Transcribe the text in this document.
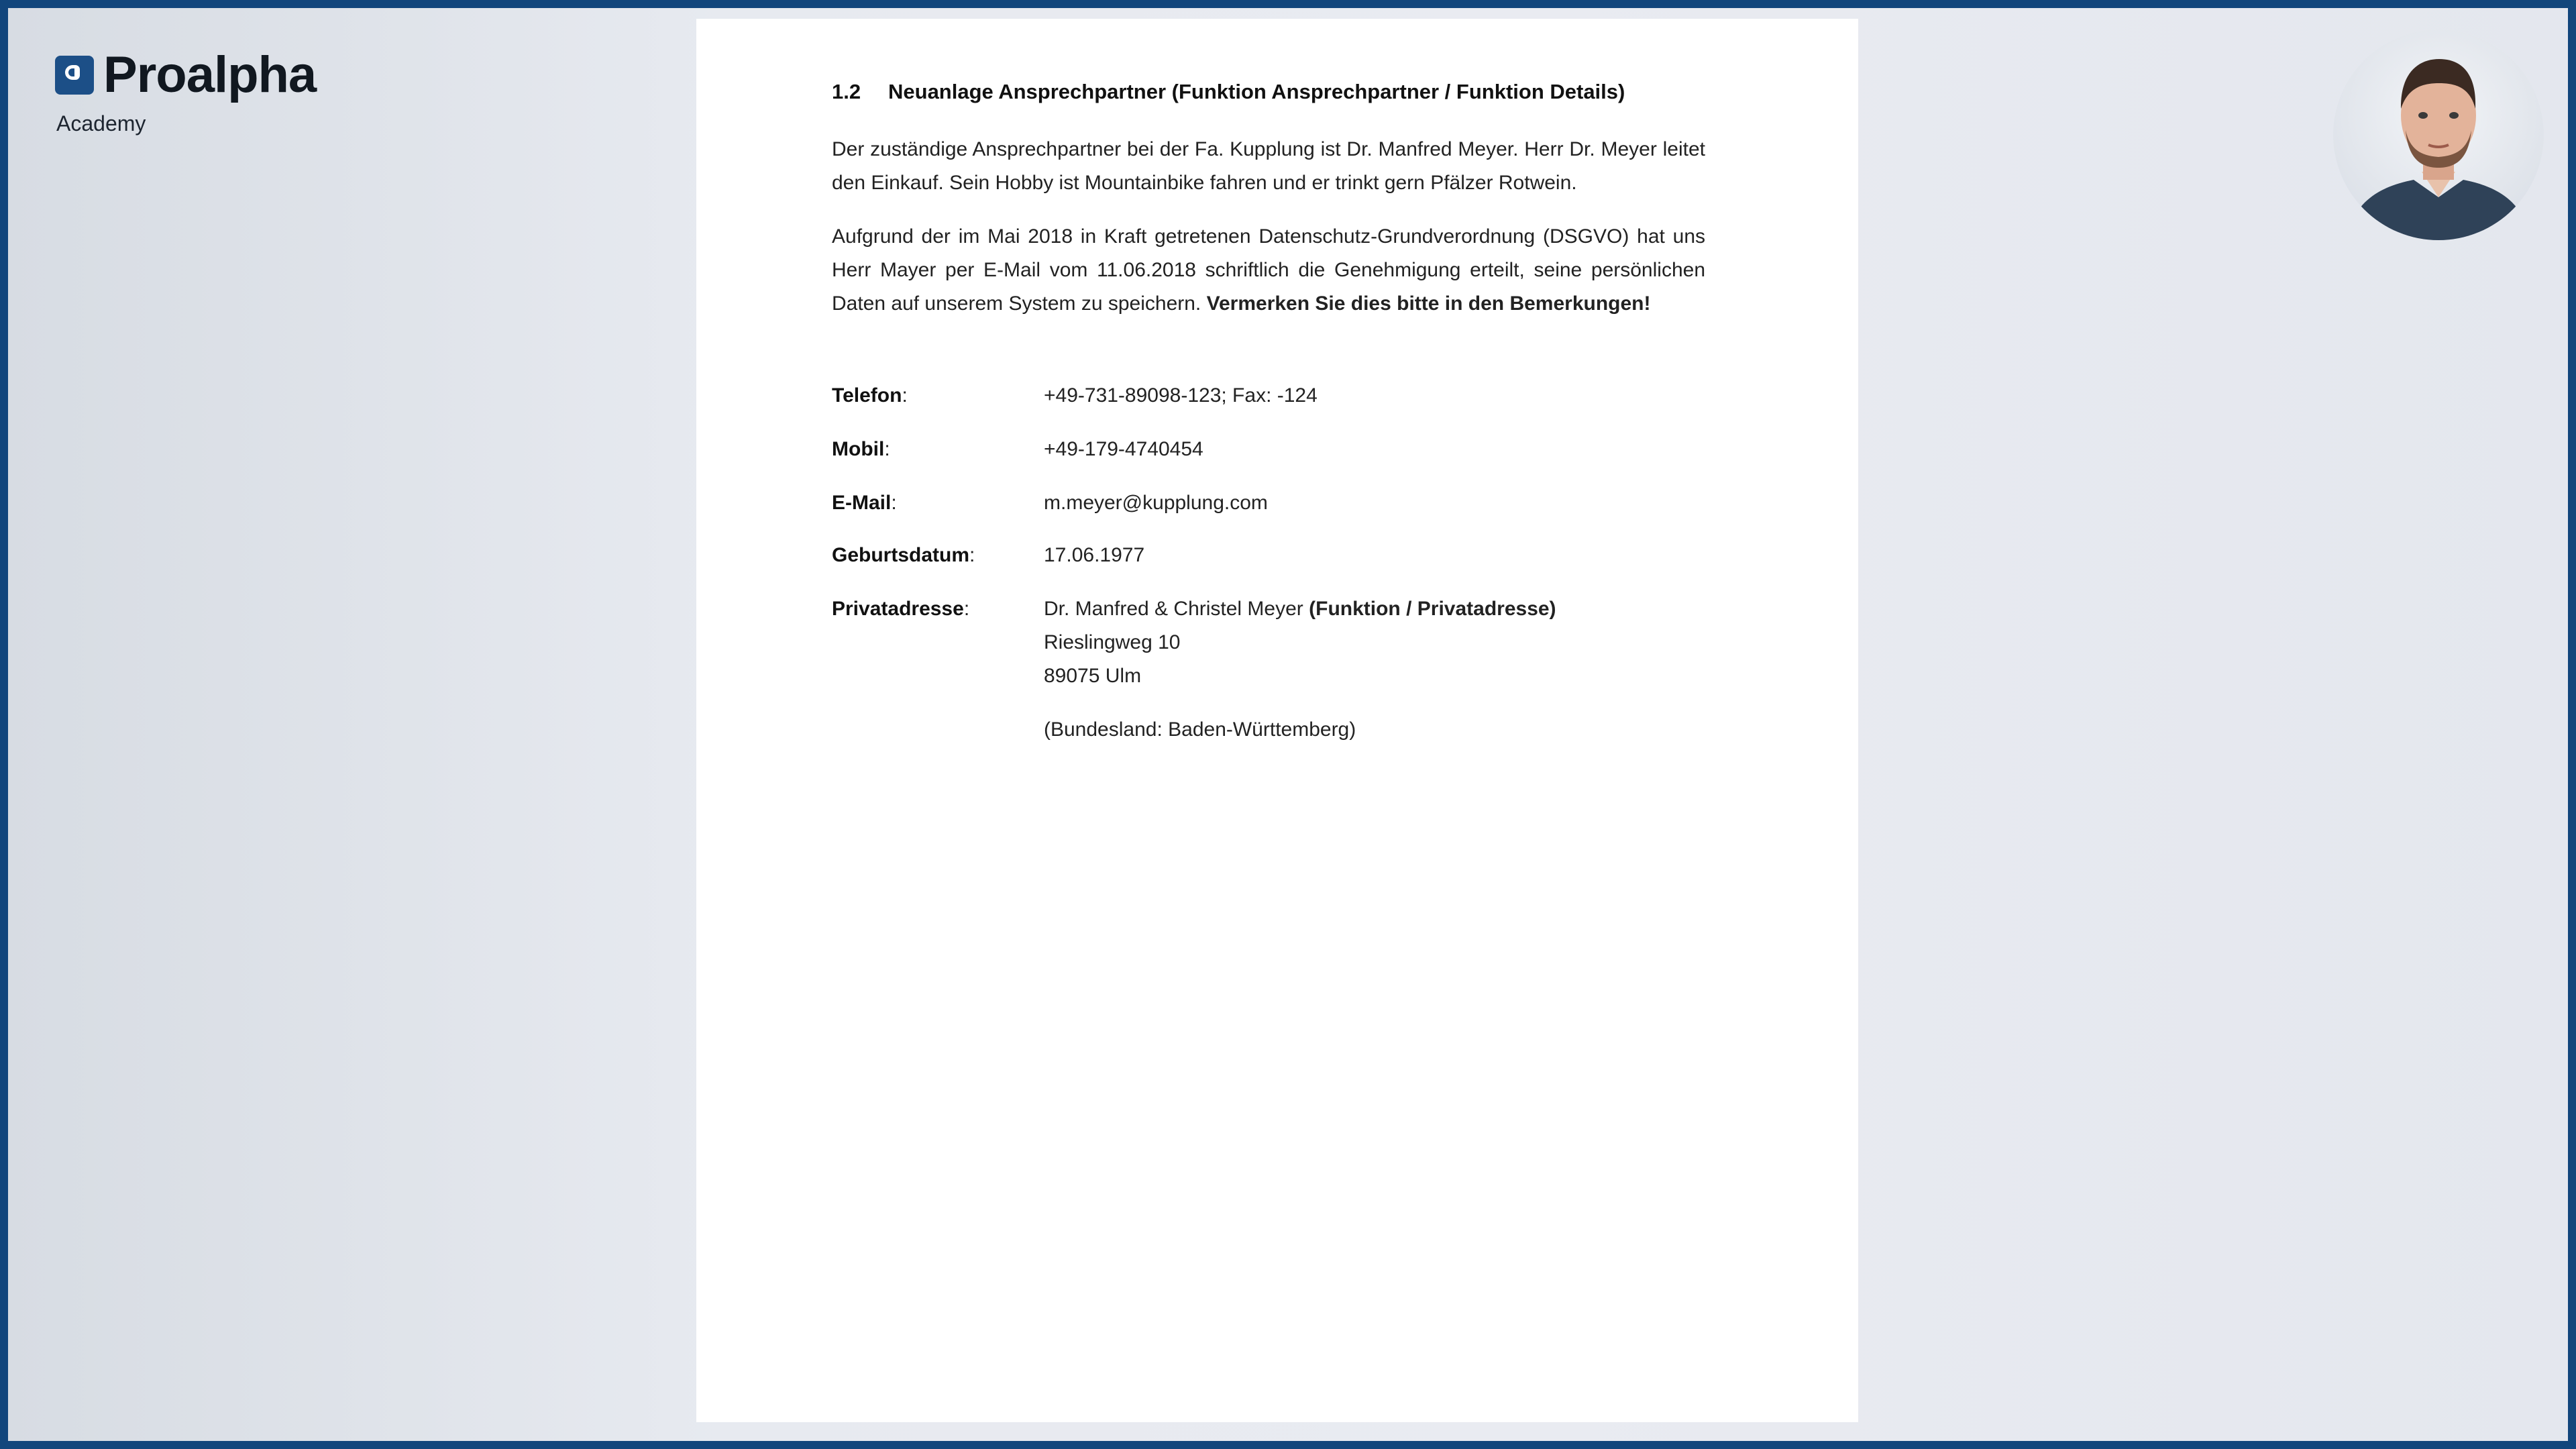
Proalpha
Academy
1.2 Neuanlage Ansprechpartner (Funktion Ansprechpartner / Funktion Details)

Der zuständige Ansprechpartner bei der Fa. Kupplung ist Dr. Manfred Meyer. Herr Dr. Meyer leitet den Einkauf. Sein Hobby ist Mountainbike fahren und er trinkt gern Pfälzer Rotwein.

Aufgrund der im Mai 2018 in Kraft getretenen Datenschutz-Grundverordnung (DSGVO) hat uns Herr Mayer per E-Mail vom 11.06.2018 schriftlich die Genehmigung erteilt, seine persönlichen Daten auf unserem System zu speichern. Vermerken Sie dies bitte in den Bemerkungen!

Telefon:	+49-731-89098-123; Fax: -124
Mobil:	+49-179-4740454
E-Mail:	m.meyer@kupplung.com
Geburtsdatum:	17.06.1977
Privatadresse:	Dr. Manfred & Christel Meyer (Funktion / Privatadresse)
Rieslingweg 10
89075 Ulm
(Bundesland: Baden-Württemberg)
